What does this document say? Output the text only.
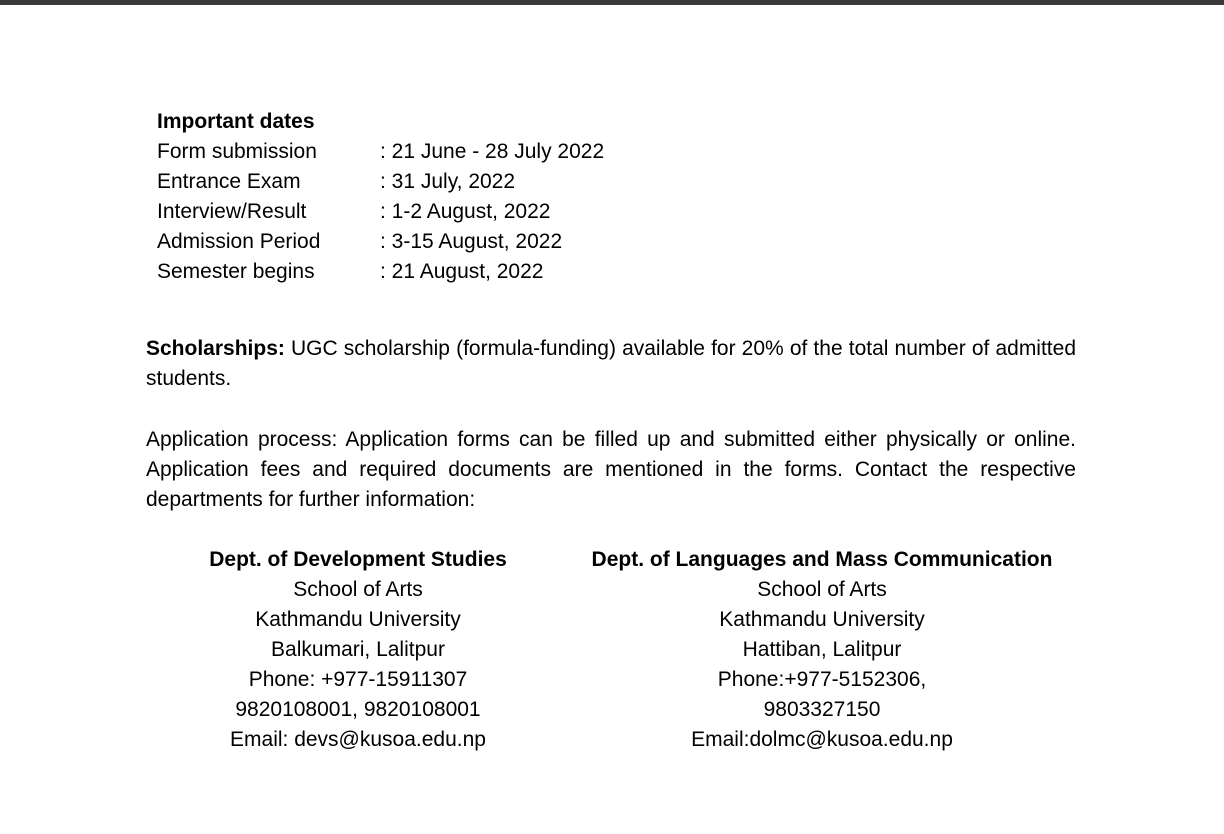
Important dates
Form submission	: 21 June - 28 July 2022
Entrance Exam	: 31 July, 2022
Interview/Result	: 1-2 August, 2022
Admission Period	: 3-15 August, 2022
Semester begins	: 21 August, 2022
Scholarships: UGC scholarship (formula-funding) available for 20% of the total number of admitted students.
Application process: Application forms can be filled up and submitted either physically or online. Application fees and required documents are mentioned in the forms. Contact the respective departments for further information:
Dept. of Development Studies
School of Arts
Kathmandu University
Balkumari, Lalitpur
Phone: +977-15911307
9820108001, 9820108001
Email: devs@kusoa.edu.np
Dept. of Languages and Mass Communication
School of Arts
Kathmandu University
Hattiban, Lalitpur
Phone:+977-5152306,
9803327150
Email:dolmc@kusoa.edu.np
